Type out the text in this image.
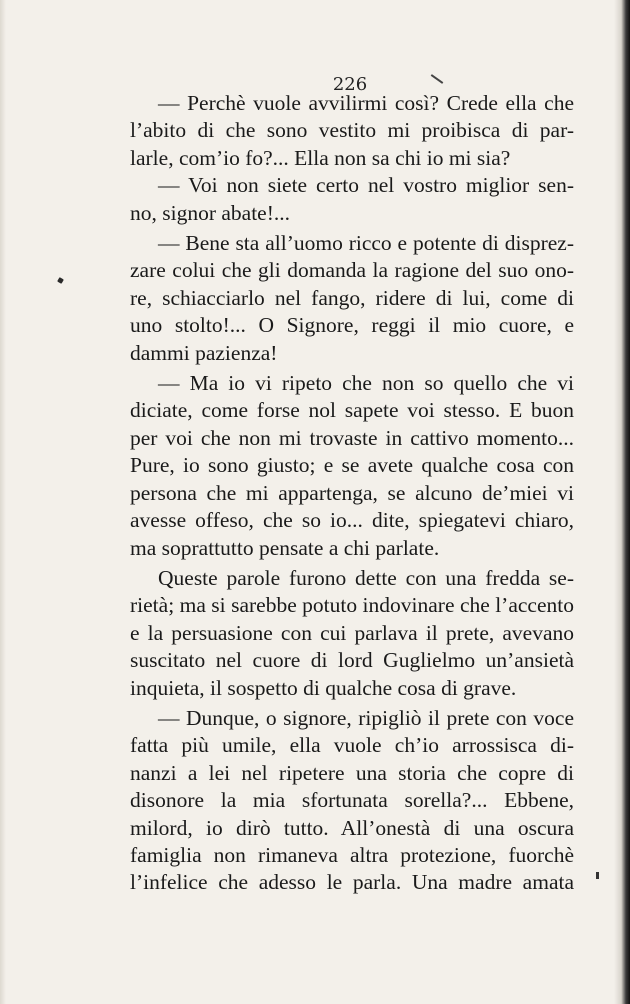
226
— Perchè vuole avvilirmi così? Crede ella che
l’abito di che sono vestito mi proibisca di par-
larle, com’io fo?... Ella non sa chi io mi sia?
— Voi non siete certo nel vostro miglior sen-
no, signor abate!...
— Bene sta all’uomo ricco e potente di disprez-
zare colui che gli domanda la ragione del suo ono-
re, schiacciarlo nel fango, ridere di lui, come di
uno stolto!... O Signore, reggi il mio cuore, e
dammi pazienza!
— Ma io vi ripeto che non so quello che vi
diciate, come forse nol sapete voi stesso. E buon
per voi che non mi trovaste in cattivo momento...
Pure, io sono giusto; e se avete qualche cosa con
persona che mi appartenga, se alcuno de’miei vi
avesse offeso, che so io... dite, spiegatevi chiaro,
ma soprattutto pensate a chi parlate.
Queste parole furono dette con una fredda se-
rietà; ma si sarebbe potuto indovinare che l’accento
e la persuasione con cui parlava il prete, avevano
suscitato nel cuore di lord Guglielmo un’ansietà
inquieta, il sospetto di qualche cosa di grave.
— Dunque, o signore, ripigliò il prete con voce
fatta più umile, ella vuole ch’io arrossisca di-
nanzi a lei nel ripetere una storia che copre di
disonore la mia sfortunata sorella?... Ebbene,
milord, io dirò tutto. All’onestà di una oscura
famiglia non rimaneva altra protezione, fuorchè
l’infelice che adesso le parla. Una madre amata
